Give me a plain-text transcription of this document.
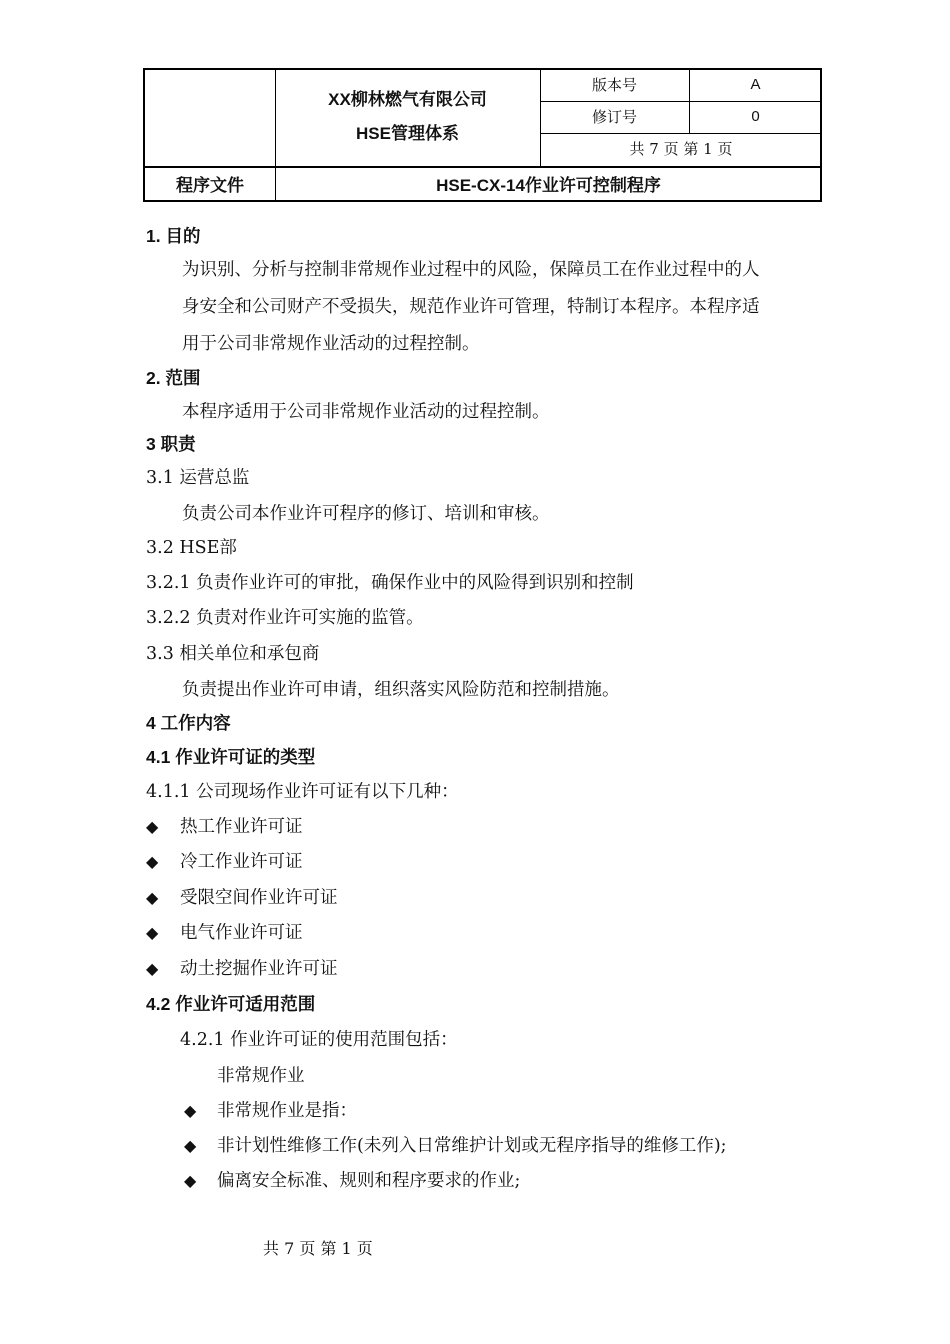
XX柳林燃气有限公司
HSE管理体系
版本号	A
修订号	0
共 7 页 第 1 页
程序文件	HSE-CX-14作业许可控制程序
1. 目的
为识别、分析与控制非常规作业过程中的风险，保障员工在作业过程中的人
身安全和公司财产不受损失，规范作业许可管理，特制订本程序。本程序适
用于公司非常规作业活动的过程控制。
2. 范围
本程序适用于公司非常规作业活动的过程控制。
3 职责
3.1 运营总监
负责公司本作业许可程序的修订、培训和审核。
3.2 HSE部
3.2.1 负责作业许可的审批，确保作业中的风险得到识别和控制
3.2.2 负责对作业许可实施的监管。
3.3 相关单位和承包商
负责提出作业许可申请，组织落实风险防范和控制措施。
4 工作内容
4.1 作业许可证的类型
4.1.1 公司现场作业许可证有以下几种：
◆ 热工作业许可证
◆ 冷工作业许可证
◆ 受限空间作业许可证
◆ 电气作业许可证
◆ 动土挖掘作业许可证
4.2 作业许可适用范围
4.2.1 作业许可证的使用范围包括：
非常规作业
◆ 非常规作业是指：
◆ 非计划性维修工作(未列入日常维护计划或无程序指导的维修工作);
◆ 偏离安全标准、规则和程序要求的作业;
共 7 页 第 1 页
